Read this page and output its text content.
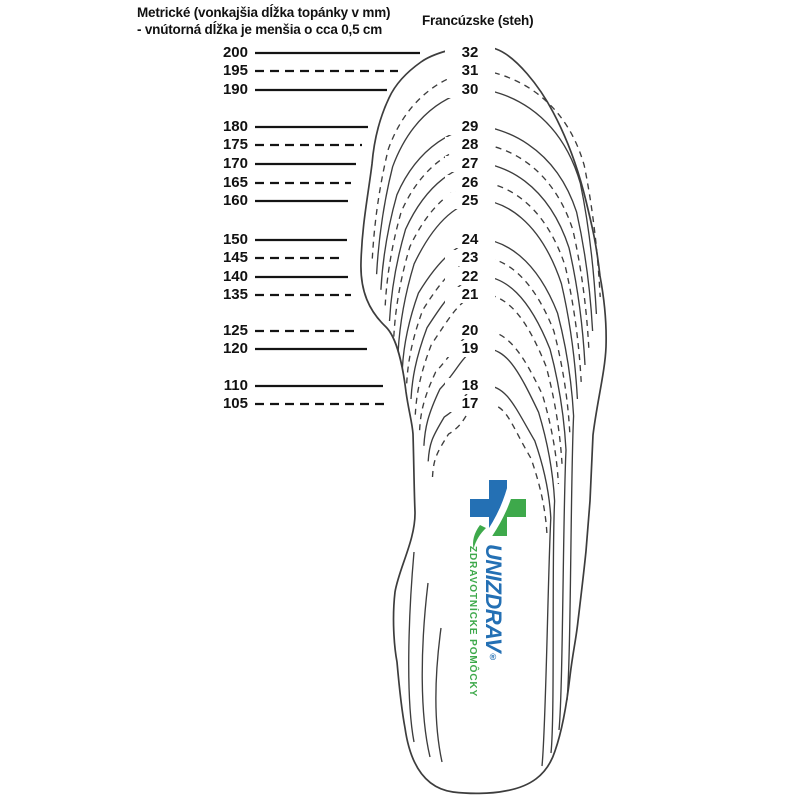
Metrické (vonkajšia dĺžka topánky v mm)
- vnútorná dĺžka je menšia o cca 0,5 cm
Francúzske (steh)
200	32
195	31
190	30
180	29
175	28
170	27
165	26
160	25
150	24
145	23
140	22
135	21
125	20
120	19
110	18
105	17
UNIZDRAV®
ZDRAVOTNÍCKE POMÔCKY
